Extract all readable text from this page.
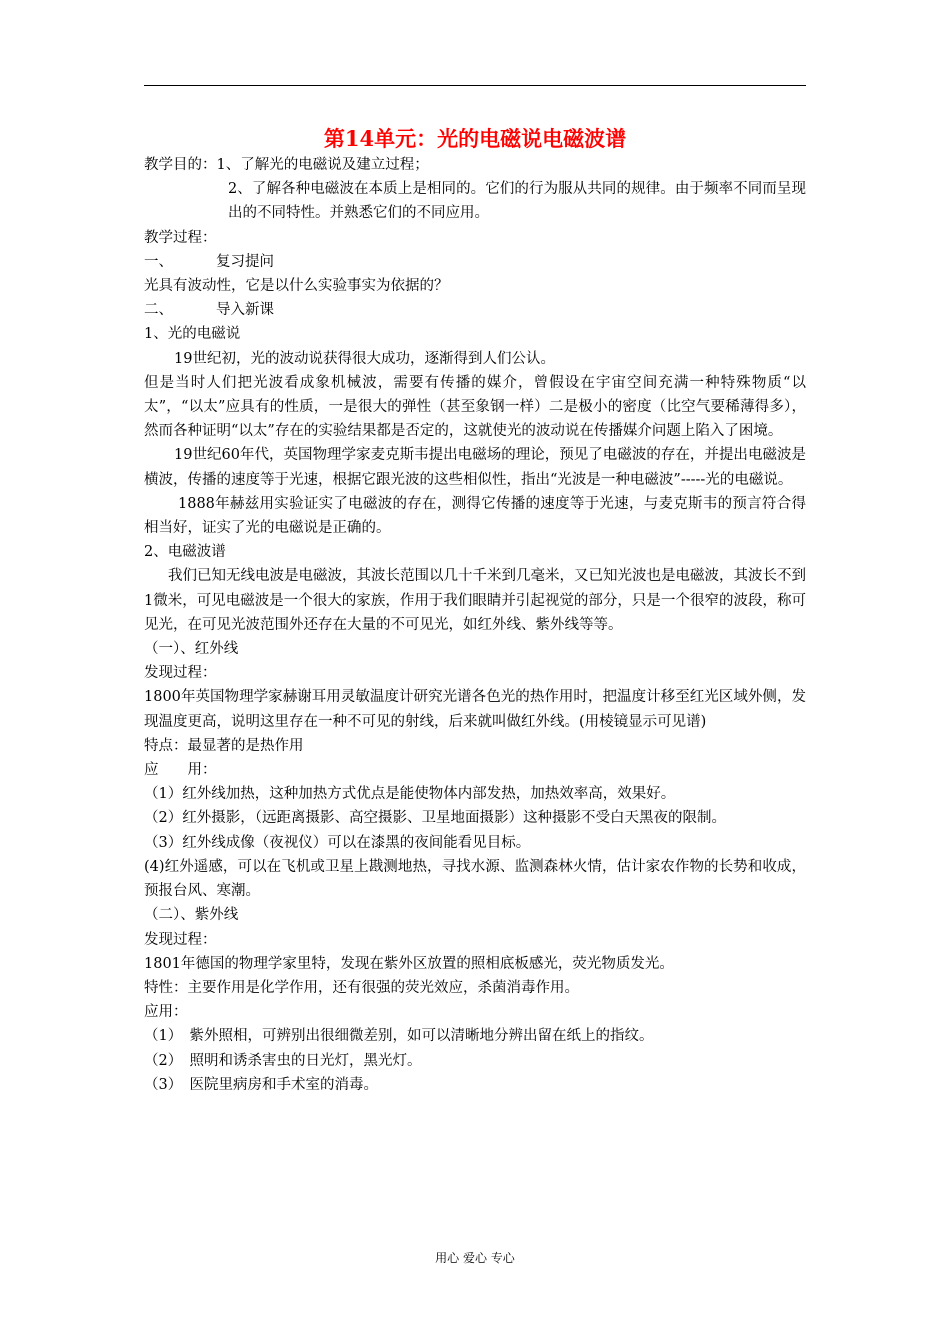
第14单元：光的电磁说电磁波谱

教学目的：1、了解光的电磁说及建立过程；

2、了解各种电磁波在本质上是相同的。它们的行为服从共同的规律。由于频率不同而呈现出的不同特性。并熟悉它们的不同应用。

教学过程：

一、	复习提问

光具有波动性，它是以什么实验事实为依据的？

二、	导入新课

1、光的电磁说

19世纪初，光的波动说获得很大成功，逐渐得到人们公认。

但是当时人们把光波看成象机械波，需要有传播的媒介，曾假设在宇宙空间充满一种特殊物质“以太”，“以太”应具有的性质，一是很大的弹性（甚至象钢一样）二是极小的密度（比空气要稀薄得多），然而各种证明“以太”存在的实验结果都是否定的，这就使光的波动说在传播媒介问题上陷入了困境。

19世纪60年代，英国物理学家麦克斯韦提出电磁场的理论，预见了电磁波的存在，并提出电磁波是横波，传播的速度等于光速，根据它跟光波的这些相似性，指出“光波是一种电磁波”-----光的电磁说。

1888年赫兹用实验证实了电磁波的存在，测得它传播的速度等于光速，与麦克斯韦的预言符合得相当好，证实了光的电磁说是正确的。

2、电磁波谱

我们已知无线电波是电磁波，其波长范围以几十千米到几毫米，又已知光波也是电磁波，其波长不到1微米，可见电磁波是一个很大的家族，作用于我们眼睛并引起视觉的部分，只是一个很窄的波段，称可见光，在可见光波范围外还存在大量的不可见光，如红外线、紫外线等等。

（一）、红外线

发现过程：

1800年英国物理学家赫谢耳用灵敏温度计研究光谱各色光的热作用时，把温度计移至红光区域外侧，发现温度更高，说明这里存在一种不可见的射线，后来就叫做红外线。(用棱镜显示可见谱)

特点：最显著的是热作用

应　　用：

（1）红外线加热，这种加热方式优点是能使物体内部发热，加热效率高，效果好。

（2）红外摄影，（远距离摄影、高空摄影、卫星地面摄影）这种摄影不受白天黑夜的限制。

（3）红外线成像（夜视仪）可以在漆黑的夜间能看见目标。

(4)红外遥感，可以在飞机或卫星上戡测地热，寻找水源、监测森林火情，估计家农作物的长势和收成，预报台风、寒潮。

（二）、紫外线

发现过程：

1801年德国的物理学家里特，发现在紫外区放置的照相底板感光，荧光物质发光。

特性：主要作用是化学作用，还有很强的荧光效应，杀菌消毒作用。

应用：

（1）　紫外照相，可辨别出很细微差别，如可以清晰地分辨出留在纸上的指纹。

（2）　照明和诱杀害虫的日光灯，黑光灯。

（3）　医院里病房和手术室的消毒。

用心 爱心 专心
